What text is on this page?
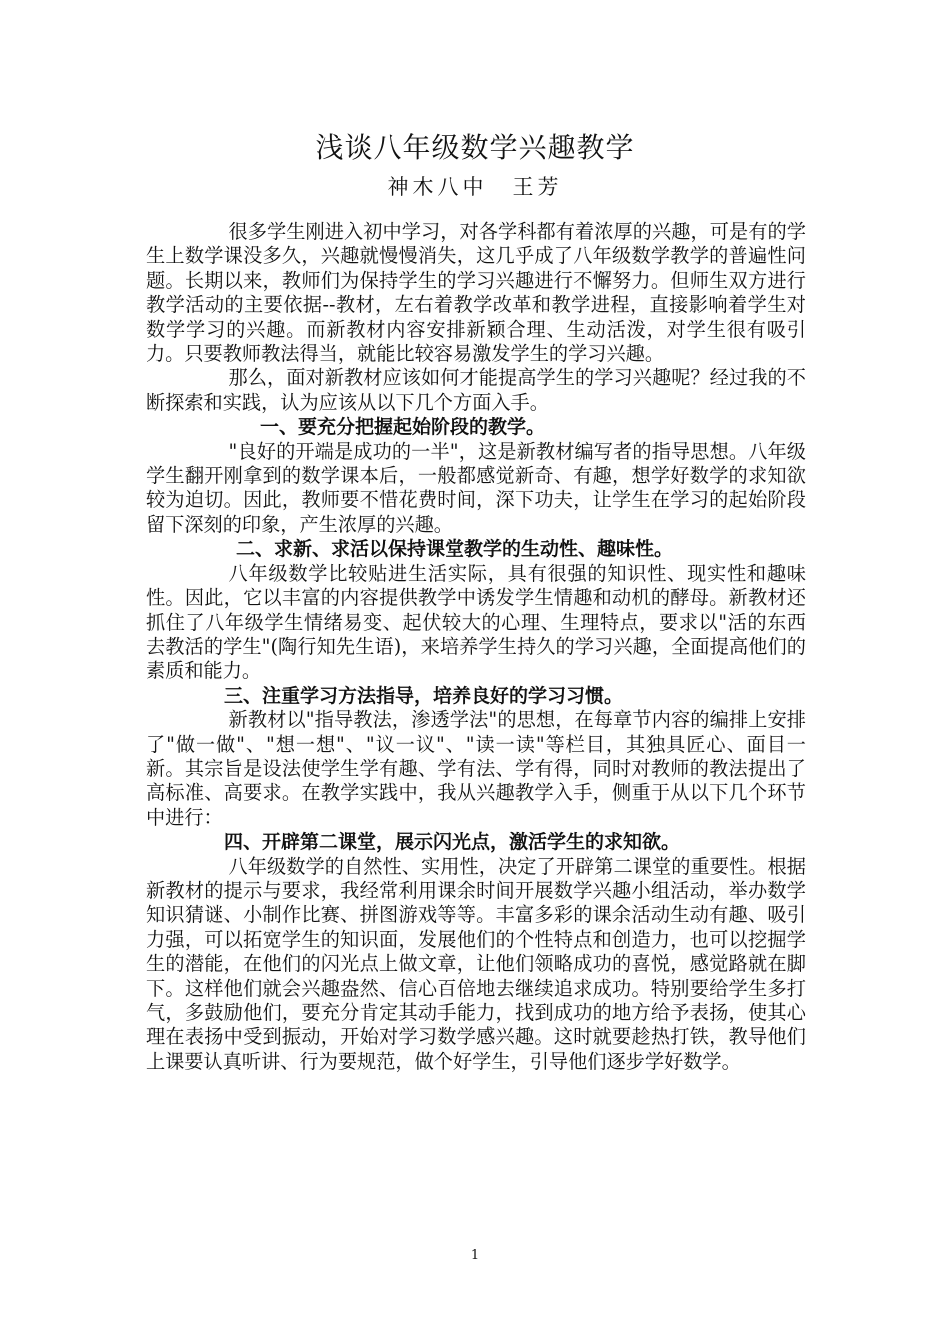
浅谈八年级数学兴趣教学
神木八中　王芳

很多学生刚进入初中学习，对各学科都有着浓厚的兴趣，可是有的学生上数学课没多久，兴趣就慢慢消失，这几乎成了八年级数学教学的普遍性问题。长期以来，教师们为保持学生的学习兴趣进行不懈努力。但师生双方进行教学活动的主要依据--教材，左右着教学改革和教学进程，直接影响着学生对数学学习的兴趣。而新教材内容安排新颖合理、生动活泼，对学生很有吸引力。只要教师教法得当，就能比较容易激发学生的学习兴趣。

那么，面对新教材应该如何才能提高学生的学习兴趣呢？经过我的不断探索和实践，认为应该从以下几个方面入手。

一、要充分把握起始阶段的教学。

"良好的开端是成功的一半"，这是新教材编写者的指导思想。八年级学生翻开刚拿到的数学课本后，一般都感觉新奇、有趣，想学好数学的求知欲较为迫切。因此，教师要不惜花费时间，深下功夫，让学生在学习的起始阶段留下深刻的印象，产生浓厚的兴趣。

二、求新、求活以保持课堂教学的生动性、趣味性。

八年级数学比较贴进生活实际，具有很强的知识性、现实性和趣味性。因此，它以丰富的内容提供教学中诱发学生情趣和动机的酵母。新教材还抓住了八年级学生情绪易变、起伏较大的心理、生理特点，要求以"活的东西去教活的学生"(陶行知先生语)，来培养学生持久的学习兴趣，全面提高他们的素质和能力。

三、注重学习方法指导，培养良好的学习习惯。

新教材以"指导教法，渗透学法"的思想，在每章节内容的编排上安排了"做一做"、"想一想"、"议一议"、"读一读"等栏目，其独具匠心、面目一新。其宗旨是设法使学生学有趣、学有法、学有得，同时对教师的教法提出了高标准、高要求。在教学实践中，我从兴趣教学入手，侧重于从以下几个环节中进行：

四、开辟第二课堂，展示闪光点，激活学生的求知欲。

八年级数学的自然性、实用性，决定了开辟第二课堂的重要性。根据新教材的提示与要求，我经常利用课余时间开展数学兴趣小组活动，举办数学知识猜谜、小制作比赛、拼图游戏等等。丰富多彩的课余活动生动有趣、吸引力强，可以拓宽学生的知识面，发展他们的个性特点和创造力，也可以挖掘学生的潜能，在他们的闪光点上做文章，让他们领略成功的喜悦，感觉路就在脚下。这样他们就会兴趣盎然、信心百倍地去继续追求成功。特别要给学生多打气，多鼓励他们，要充分肯定其动手能力，找到成功的地方给予表扬，使其心理在表扬中受到振动，开始对学习数学感兴趣。这时就要趁热打铁，教导他们上课要认真听讲、行为要规范，做个好学生，引导他们逐步学好数学。

1
